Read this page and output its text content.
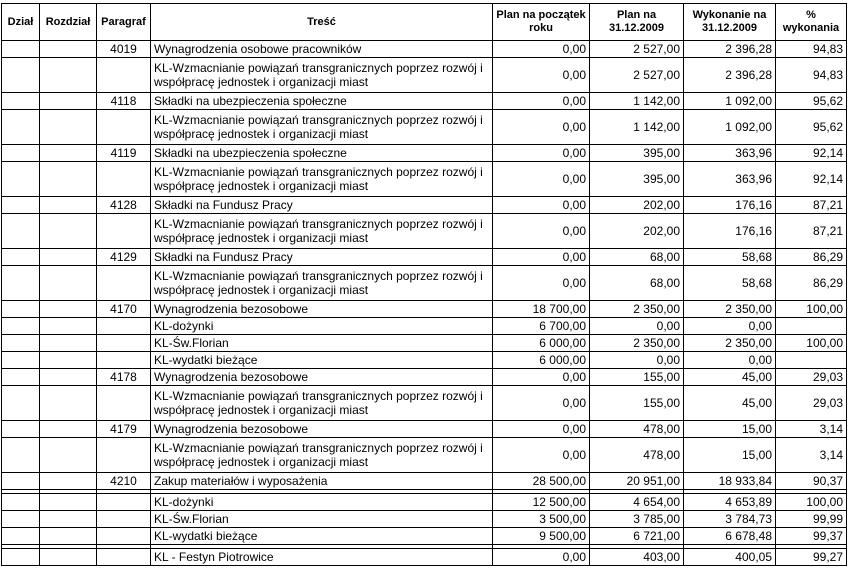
Dział	Rozdział	Paragraf	Treść	Plan na początek roku	Plan na 31.12.2009	Wykonanie na 31.12.2009	% wykonania
		4019	Wynagrodzenia osobowe pracowników	0,00	2 527,00	2 396,28	94,83
			KL-Wzmacnianie powiązań transgranicznych poprzez rozwój i współpracę jednostek i organizacji miast	0,00	2 527,00	2 396,28	94,83
		4118	Składki na ubezpieczenia społeczne	0,00	1 142,00	1 092,00	95,62
			KL-Wzmacnianie powiązań transgranicznych poprzez rozwój i współpracę jednostek i organizacji miast	0,00	1 142,00	1 092,00	95,62
		4119	Składki na ubezpieczenia społeczne	0,00	395,00	363,96	92,14
			KL-Wzmacnianie powiązań transgranicznych poprzez rozwój i współpracę jednostek i organizacji miast	0,00	395,00	363,96	92,14
		4128	Składki na Fundusz Pracy	0,00	202,00	176,16	87,21
			KL-Wzmacnianie powiązań transgranicznych poprzez rozwój i współpracę jednostek i organizacji miast	0,00	202,00	176,16	87,21
		4129	Składki na Fundusz Pracy	0,00	68,00	58,68	86,29
			KL-Wzmacnianie powiązań transgranicznych poprzez rozwój i współpracę jednostek i organizacji miast	0,00	68,00	58,68	86,29
		4170	Wynagrodzenia bezosobowe	18 700,00	2 350,00	2 350,00	100,00
			KL-dożynki	6 700,00	0,00	0,00	
			KL-Św.Florian	6 000,00	2 350,00	2 350,00	100,00
			KL-wydatki bieżące	6 000,00	0,00	0,00	
		4178	Wynagrodzenia bezosobowe	0,00	155,00	45,00	29,03
			KL-Wzmacnianie powiązań transgranicznych poprzez rozwój i współpracę jednostek i organizacji miast	0,00	155,00	45,00	29,03
		4179	Wynagrodzenia bezosobowe	0,00	478,00	15,00	3,14
			KL-Wzmacnianie powiązań transgranicznych poprzez rozwój i współpracę jednostek i organizacji miast	0,00	478,00	15,00	3,14
		4210	Zakup materiałów i wyposażenia	28 500,00	20 951,00	18 933,84	90,37

			KL-dożynki	12 500,00	4 654,00	4 653,89	100,00
			KL-Św.Florian	3 500,00	3 785,00	3 784,73	99,99
			KL-wydatki bieżące	9 500,00	6 721,00	6 678,48	99,37

			KL - Festyn Piotrowice	0,00	403,00	400,05	99,27
